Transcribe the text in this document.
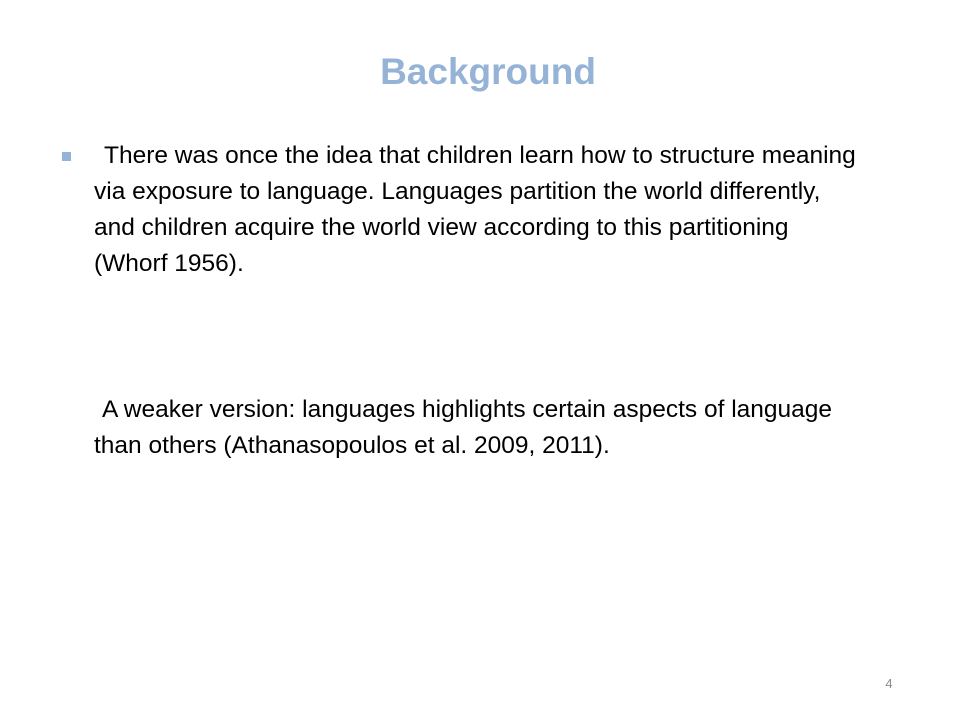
Background
There was once the idea that children learn how to structure meaning via exposure to language. Languages partition the world differently, and children acquire the world view according to this partitioning (Whorf 1956).
A weaker version: languages highlights certain aspects of language than others (Athanasopoulos et al. 2009, 2011).
4
